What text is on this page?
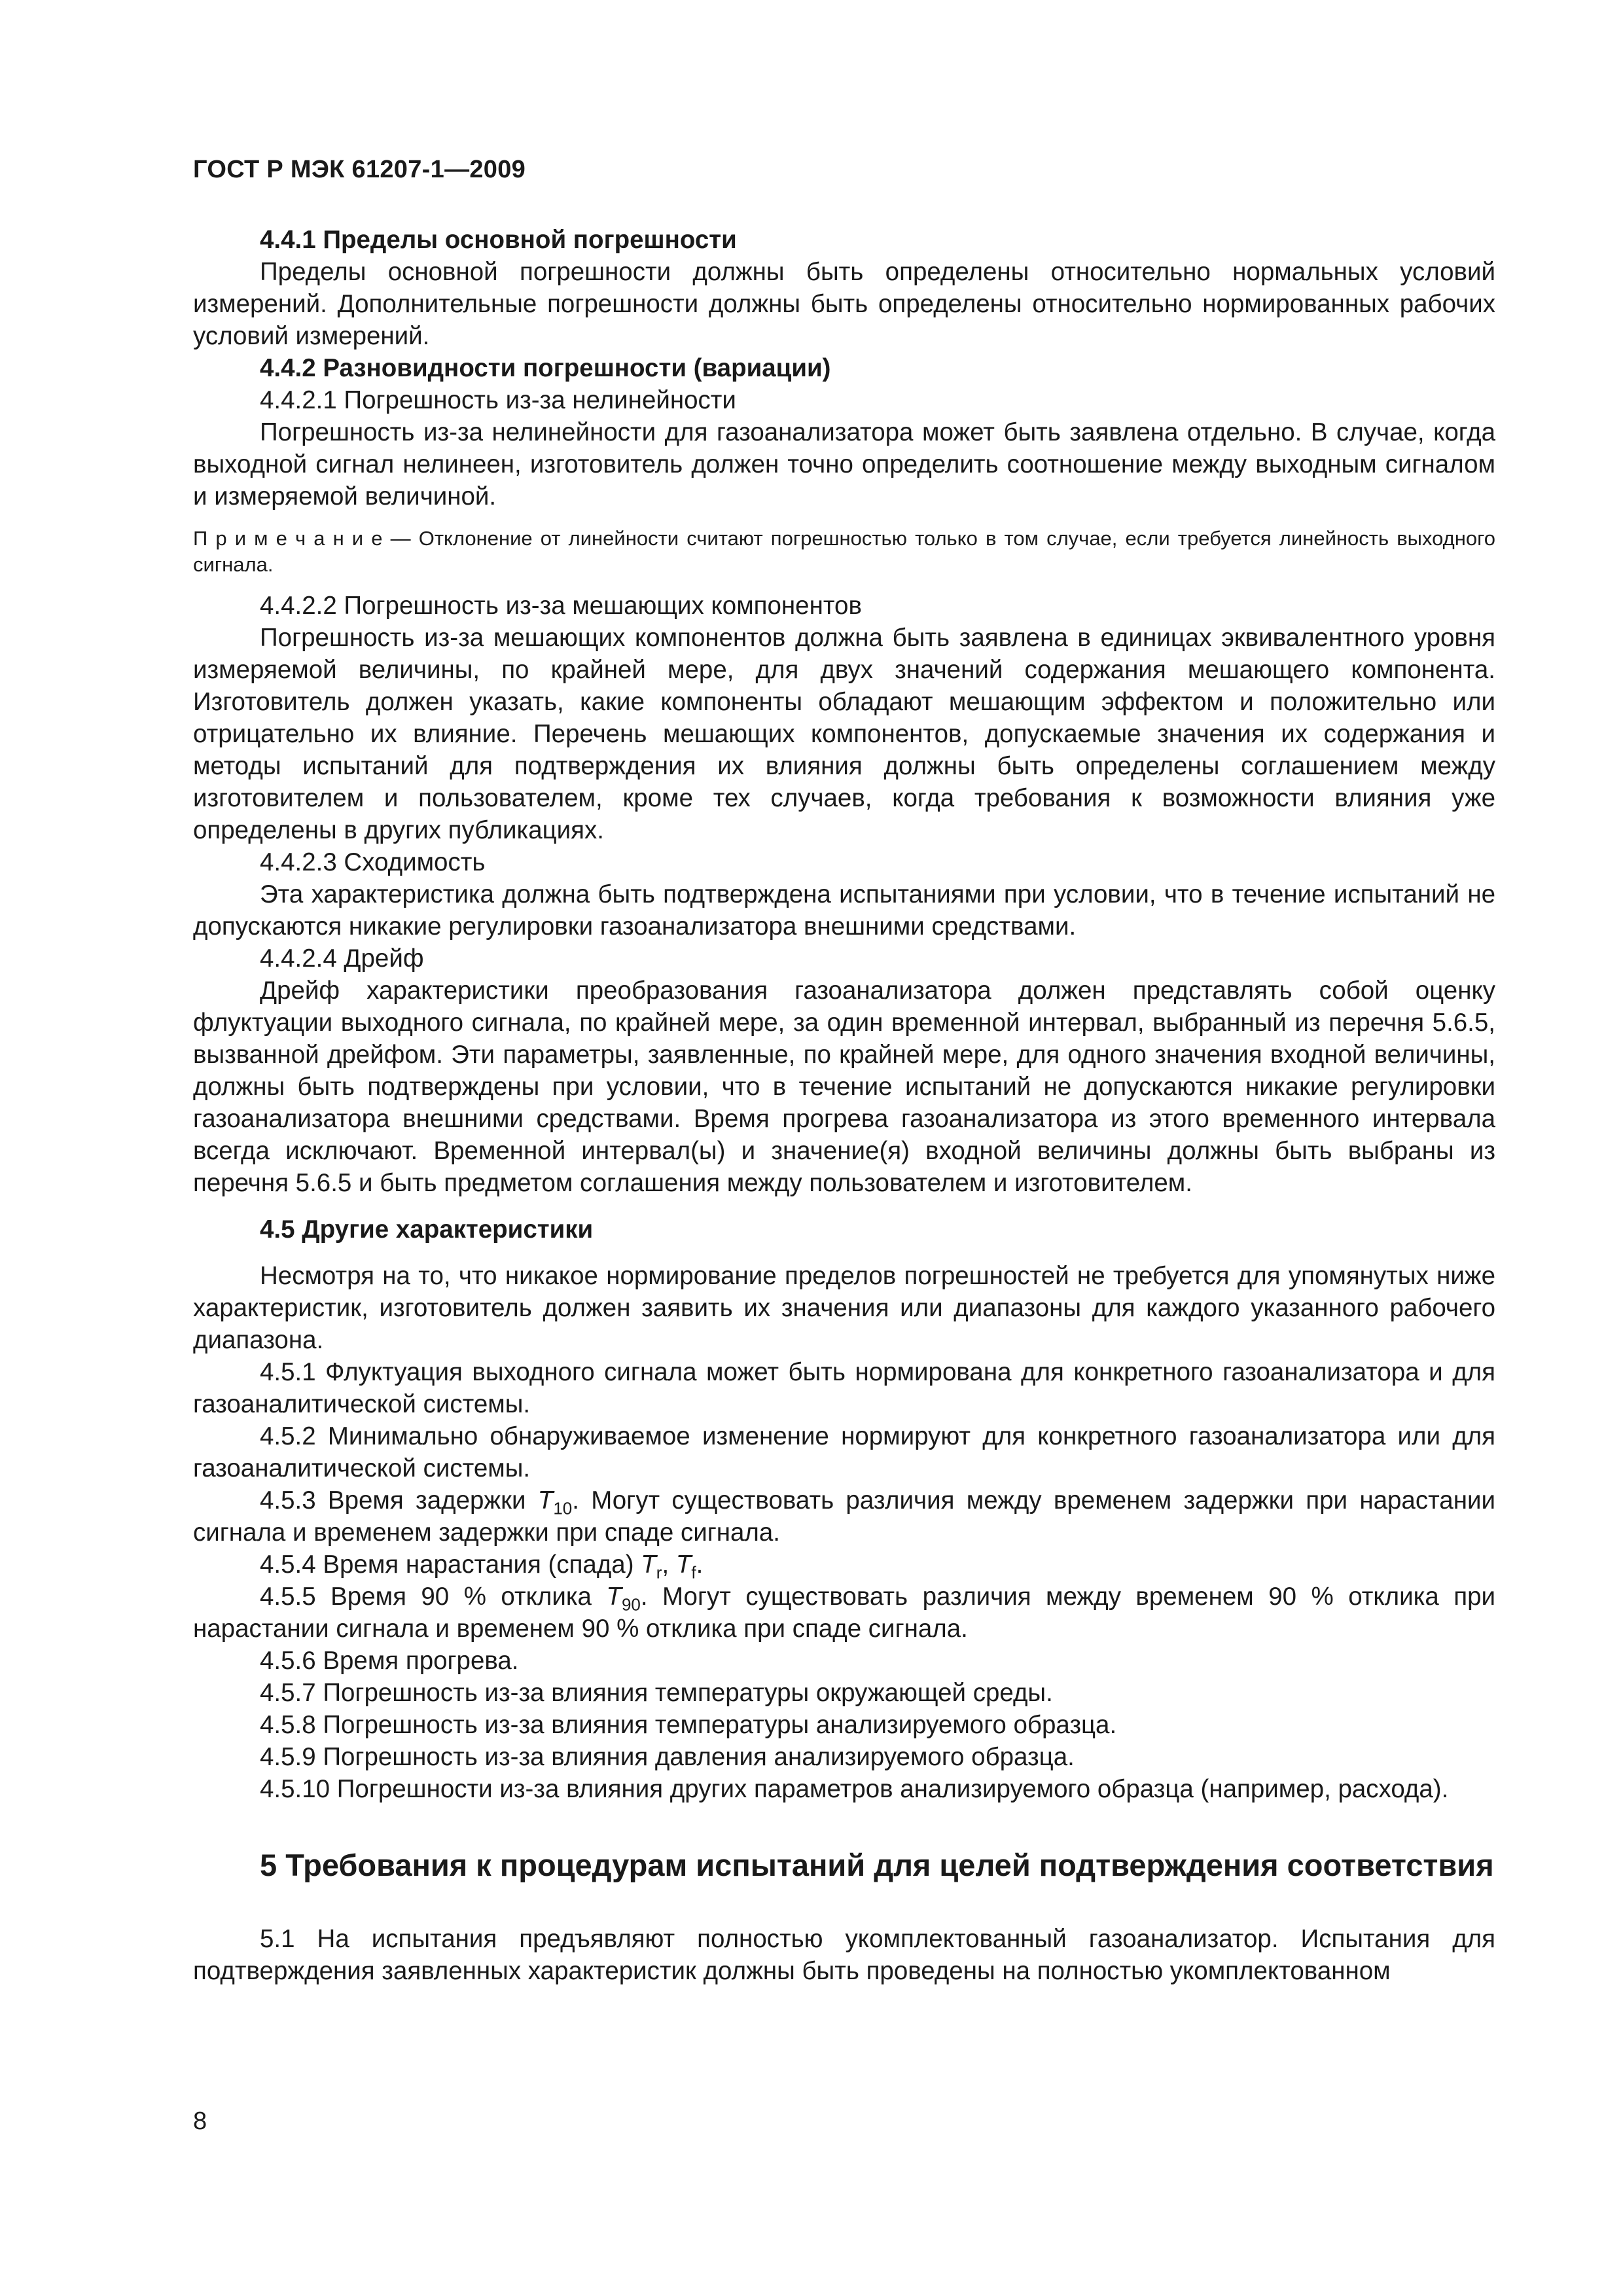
ГОСТ Р МЭК 61207-1—2009

4.4.1 Пределы основной погрешности

Пределы основной погрешности должны быть определены относительно нормальных условий измерений. Дополнительные погрешности должны быть определены относительно нормированных рабочих условий измерений.

4.4.2 Разновидности погрешности (вариации)

4.4.2.1 Погрешность из-за нелинейности

Погрешность из-за нелинейности для газоанализатора может быть заявлена отдельно. В случае, когда выходной сигнал нелинеен, изготовитель должен точно определить соотношение между выходным сигналом и измеряемой величиной.

П р и м е ч а н и е — Отклонение от линейности считают погрешностью только в том случае, если требуется линейность выходного сигнала.

4.4.2.2 Погрешность из-за мешающих компонентов

Погрешность из-за мешающих компонентов должна быть заявлена в единицах эквивалентного уровня измеряемой величины, по крайней мере, для двух значений содержания мешающего компонента. Изготовитель должен указать, какие компоненты обладают мешающим эффектом и положительно или отрицательно их влияние. Перечень мешающих компонентов, допускаемые значения их содержания и методы испытаний для подтверждения их влияния должны быть определены соглашением между изготовителем и пользователем, кроме тех случаев, когда требования к возможности влияния уже определены в других публикациях.

4.4.2.3 Сходимость

Эта характеристика должна быть подтверждена испытаниями при условии, что в течение испытаний не допускаются никакие регулировки газоанализатора внешними средствами.

4.4.2.4 Дрейф

Дрейф характеристики преобразования газоанализатора должен представлять собой оценку флуктуации выходного сигнала, по крайней мере, за один временной интервал, выбранный из перечня 5.6.5, вызванной дрейфом. Эти параметры, заявленные, по крайней мере, для одного значения входной величины, должны быть подтверждены при условии, что в течение испытаний не допускаются никакие регулировки газоанализатора внешними средствами. Время прогрева газоанализатора из этого временного интервала всегда исключают. Временной интервал(ы) и значение(я) входной величины должны быть выбраны из перечня 5.6.5 и быть предметом соглашения между пользователем и изготовителем.

4.5 Другие характеристики

Несмотря на то, что никакое нормирование пределов погрешностей не требуется для упомянутых ниже характеристик, изготовитель должен заявить их значения или диапазоны для каждого указанного рабочего диапазона.

4.5.1 Флуктуация выходного сигнала может быть нормирована для конкретного газоанализатора и для газоаналитической системы.

4.5.2 Минимально обнаруживаемое изменение нормируют для конкретного газоанализатора или для газоаналитической системы.

4.5.3 Время задержки $T_{10}$. Могут существовать различия между временем задержки при нарастании сигнала и временем задержки при спаде сигнала.

4.5.4 Время нарастания (спада) $T_r$, $T_f$.

4.5.5 Время 90 % отклика $T_{90}$. Могут существовать различия между временем 90 % отклика при нарастании сигнала и временем 90 % отклика при спаде сигнала.

4.5.6 Время прогрева.

4.5.7 Погрешность из-за влияния температуры окружающей среды.

4.5.8 Погрешность из-за влияния температуры анализируемого образца.

4.5.9 Погрешность из-за влияния давления анализируемого образца.

4.5.10 Погрешности из-за влияния других параметров анализируемого образца (например, расхода).

5 Требования к процедурам испытаний для целей подтверждения соответствия

5.1 На испытания предъявляют полностью укомплектованный газоанализатор. Испытания для подтверждения заявленных характеристик должны быть проведены на полностью укомплектованном

8
